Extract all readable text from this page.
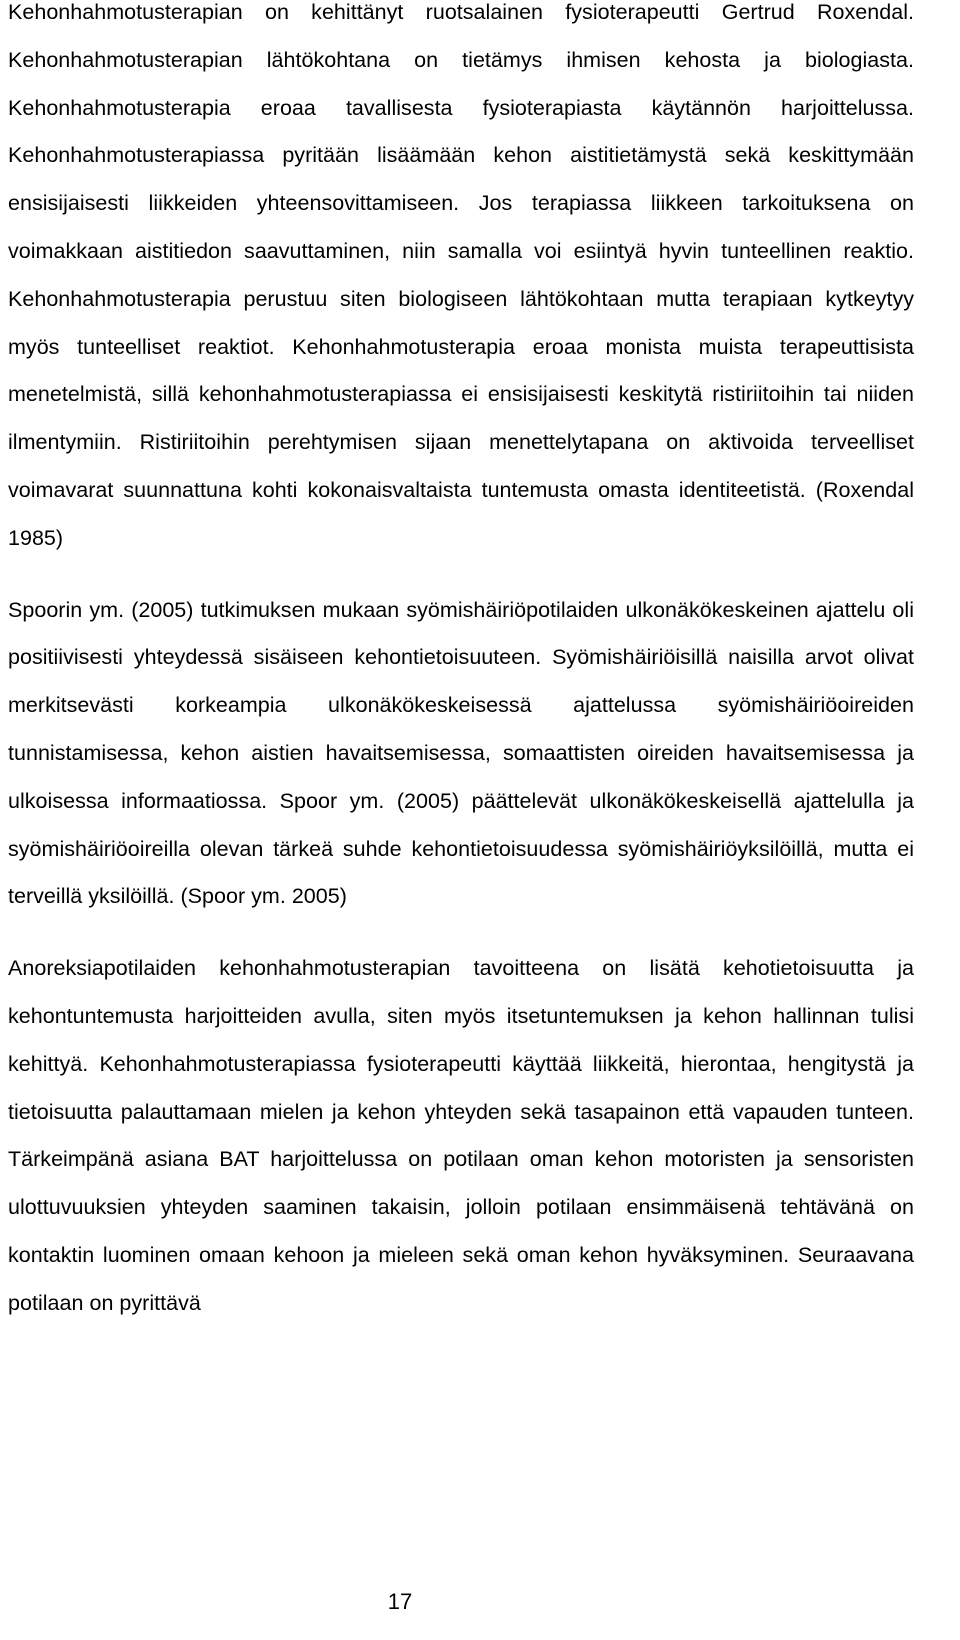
Kehonhahmotusterapian on kehittänyt ruotsalainen fysioterapeutti Gertrud Roxendal. Kehonhahmotusterapian lähtökohtana on tietämys ihmisen kehosta ja biologiasta. Kehonhahmotusterapia eroaa tavallisesta fysioterapiasta käytännön harjoittelussa. Kehonhahmotusterapiassa pyritään lisäämään kehon aistitietämystä sekä keskittymään ensisijaisesti liikkeiden yhteensovittamiseen. Jos terapiassa liikkeen tarkoituksena on voimakkaan aistitiedon saavuttaminen, niin samalla voi esiintyä hyvin tunteellinen reaktio. Kehonhahmotusterapia perustuu siten biologiseen lähtökohtaan mutta terapiaan kytkeytyy myös tunteelliset reaktiot. Kehonhahmotusterapia eroaa monista muista terapeuttisista menetelmistä, sillä kehonhahmotusterapiassa ei ensisijaisesti keskitytä ristiriitoihin tai niiden ilmentymiin. Ristiriitoihin perehtymisen sijaan menettelytapana on aktivoida terveelliset voimavarat suunnattuna kohti kokonaisvaltaista tuntemusta omasta identiteetistä. (Roxendal 1985)

Spoorin ym. (2005) tutkimuksen mukaan syömishäiriöpotilaiden ulkonäkökeskeinen ajattelu oli positiivisesti yhteydessä sisäiseen kehontietoisuuteen. Syömishäiriöisillä naisilla arvot olivat merkitsevästi korkeampia ulkonäkökeskeisessä ajattelussa syömishäiriöoireiden tunnistamisessa, kehon aistien havaitsemisessa, somaattisten oireiden havaitsemisessa ja ulkoisessa informaatiossa. Spoor ym. (2005) päättelevät ulkonäkökeskeisellä ajattelulla ja syömishäiriöoireilla olevan tärkeä suhde kehontietoisuudessa syömishäiriöyksilöillä, mutta ei terveillä yksilöillä. (Spoor ym. 2005)

Anoreksiapotilaiden kehonhahmotusterapian tavoitteena on lisätä kehotietoisuutta ja kehontuntemusta harjoitteiden avulla, siten myös itsetuntemuksen ja kehon hallinnan tulisi kehittyä. Kehonhahmotusterapiassa fysioterapeutti käyttää liikkeitä, hierontaa, hengitystä ja tietoisuutta palauttamaan mielen ja kehon yhteyden sekä tasapainon että vapauden tunteen. Tärkeimpänä asiana BAT harjoittelussa on potilaan oman kehon motoristen ja sensoristen ulottuvuuksien yhteyden saaminen takaisin, jolloin potilaan ensimmäisenä tehtävänä on kontaktin luominen omaan kehoon ja mieleen sekä oman kehon hyväksyminen. Seuraavana potilaan on pyrittävä

17
